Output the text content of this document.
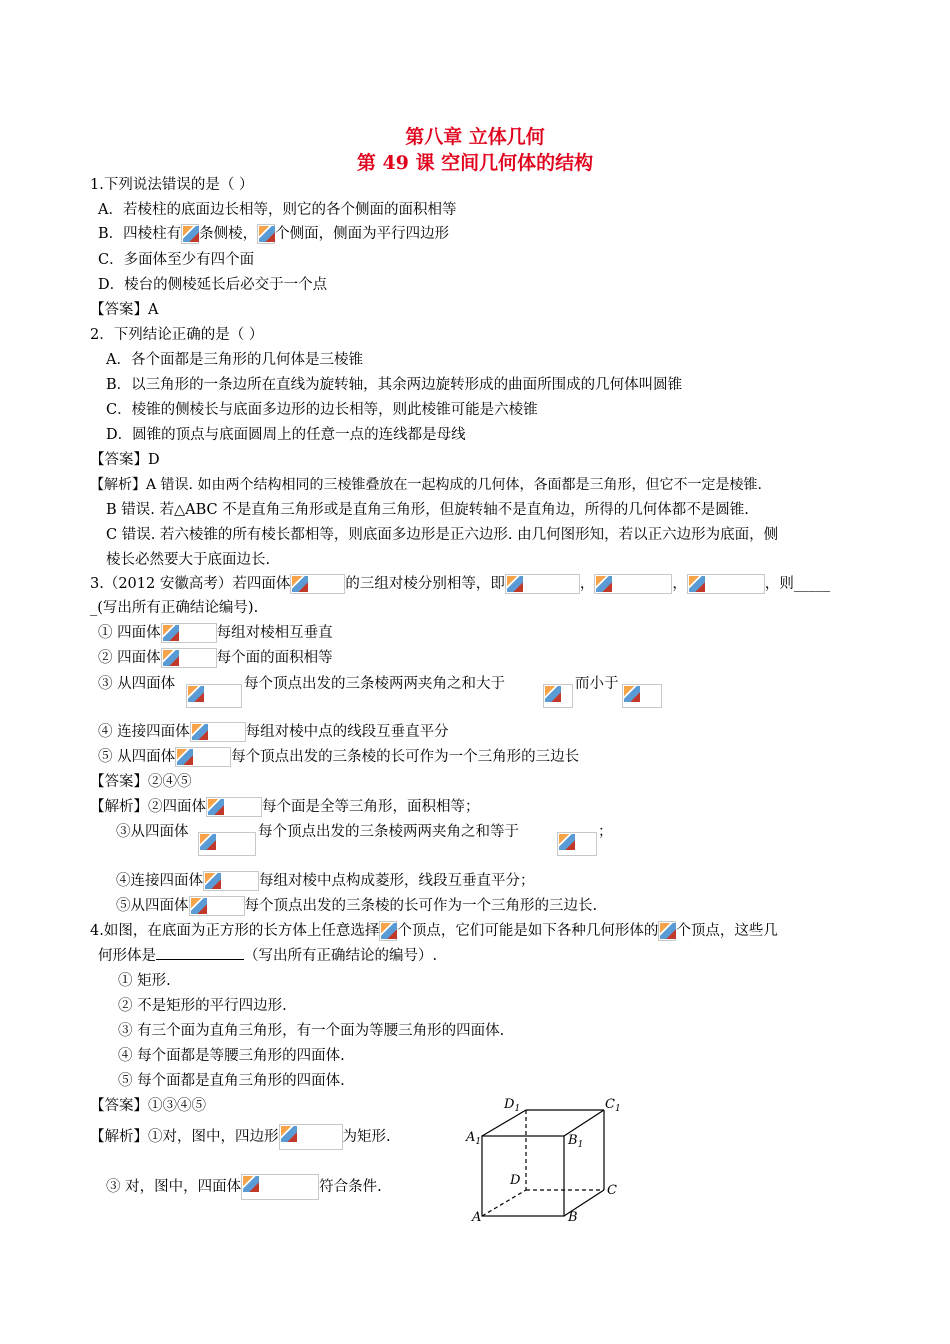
第八章 立体几何
第 49 课 空间几何体的结构
1.下列说法错误的是（ ）
A．若棱柱的底面边长相等，则它的各个侧面的面积相等
B．四棱柱有 条侧棱， 个侧面，侧面为平行四边形
C．多面体至少有四个面
D．棱台的侧棱延长后必交于一个点
【答案】A
2．下列结论正确的是（ ）
A．各个面都是三角形的几何体是三棱锥
B．以三角形的一条边所在直线为旋转轴，其余两边旋转形成的曲面所围成的几何体叫圆锥
C．棱锥的侧棱长与底面多边形的边长相等，则此棱锥可能是六棱锥
D．圆锥的顶点与底面圆周上的任意一点的连线都是母线
【答案】D
【解析】A 错误. 如由两个结构相同的三棱锥叠放在一起构成的几何体，各面都是三角形，但它不一定是棱锥.
B 错误. 若△ABC 不是直角三角形或是直角三角形，但旋转轴不是直角边，所得的几何体都不是圆锥.
C 错误. 若六棱锥的所有棱长都相等，则底面多边形是正六边形. 由几何图形知，若以正六边形为底面，侧
棱长必然要大于底面边长.
3.（2012 安徽高考）若四面体	的三组对棱分别相等，即	，	，	，则_____
_(写出所有正确结论编号).
① 四面体	每组对棱相互垂直
② 四面体	每个面的面积相等
③ 从四面体	每个顶点出发的三条棱两两夹角之和大于	而小于
④ 连接四面体	每组对棱中点的线段互垂直平分
⑤ 从四面体	每个顶点出发的三条棱的长可作为一个三角形的三边长
【答案】②④⑤
【解析】②四面体	每个面是全等三角形，面积相等；
③从四面体	每个顶点出发的三条棱两两夹角之和等于	；
④连接四面体	每组对棱中点构成菱形，线段互垂直平分；
⑤从四面体	每个顶点出发的三条棱的长可作为一个三角形的三边长.
4.如图，在底面为正方形的长方体上任意选择 个顶点，它们可能是如下各种几何形体的 个顶点，这些几
何形体是	（写出所有正确结论的编号）.
① 矩形.
② 不是矩形的平行四边形.
③ 有三个面为直角三角形，有一个面为等腰三角形的四面体.
④ 每个面都是等腰三角形的四面体.
⑤ 每个面都是直角三角形的四面体.
【答案】①③④⑤
【解析】①对，图中，四边形	为矩形.
③ 对，图中，四面体	符合条件.
$D_1$	$C_1$
$A_1$	$B_1$
D
C
A	B
